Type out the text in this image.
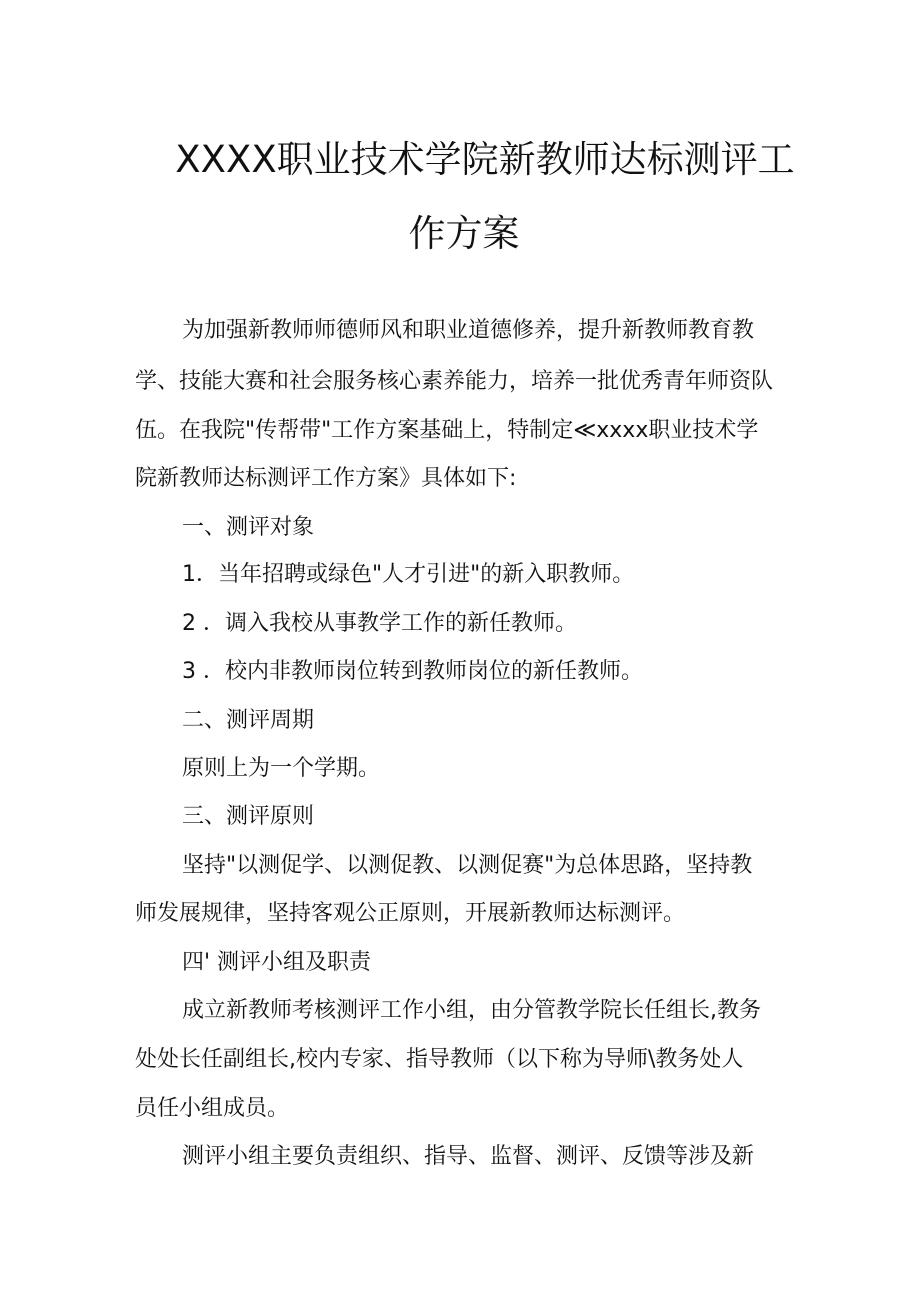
XXXX职业技术学院新教师达标测评工
作方案
为加强新教师师德师风和职业道德修养，提升新教师教育教
学、技能大赛和社会服务核心素养能力，培养一批优秀青年师资队
伍。在我院"传帮带"工作方案基础上，特制定≪xxxx职业技术学
院新教师达标测评工作方案》具体如下:
一、测评对象
1．当年招聘或绿色"人才引进"的新入职教师。
2 ．调入我校从事教学工作的新任教师。
3 ．校内非教师岗位转到教师岗位的新任教师。
二、测评周期
原则上为一个学期。
三、测评原则
坚持"以测促学、以测促教、以测促赛"为总体思路，坚持教
师发展规律，坚持客观公正原则，开展新教师达标测评。
四' 测评小组及职责
成立新教师考核测评工作小组，由分管教学院长任组长,教务
处处长任副组长,校内专家、指导教师（以下称为导师\教务处人
员任小组成员。
测评小组主要负责组织、指导、监督、测评、反馈等涉及新
